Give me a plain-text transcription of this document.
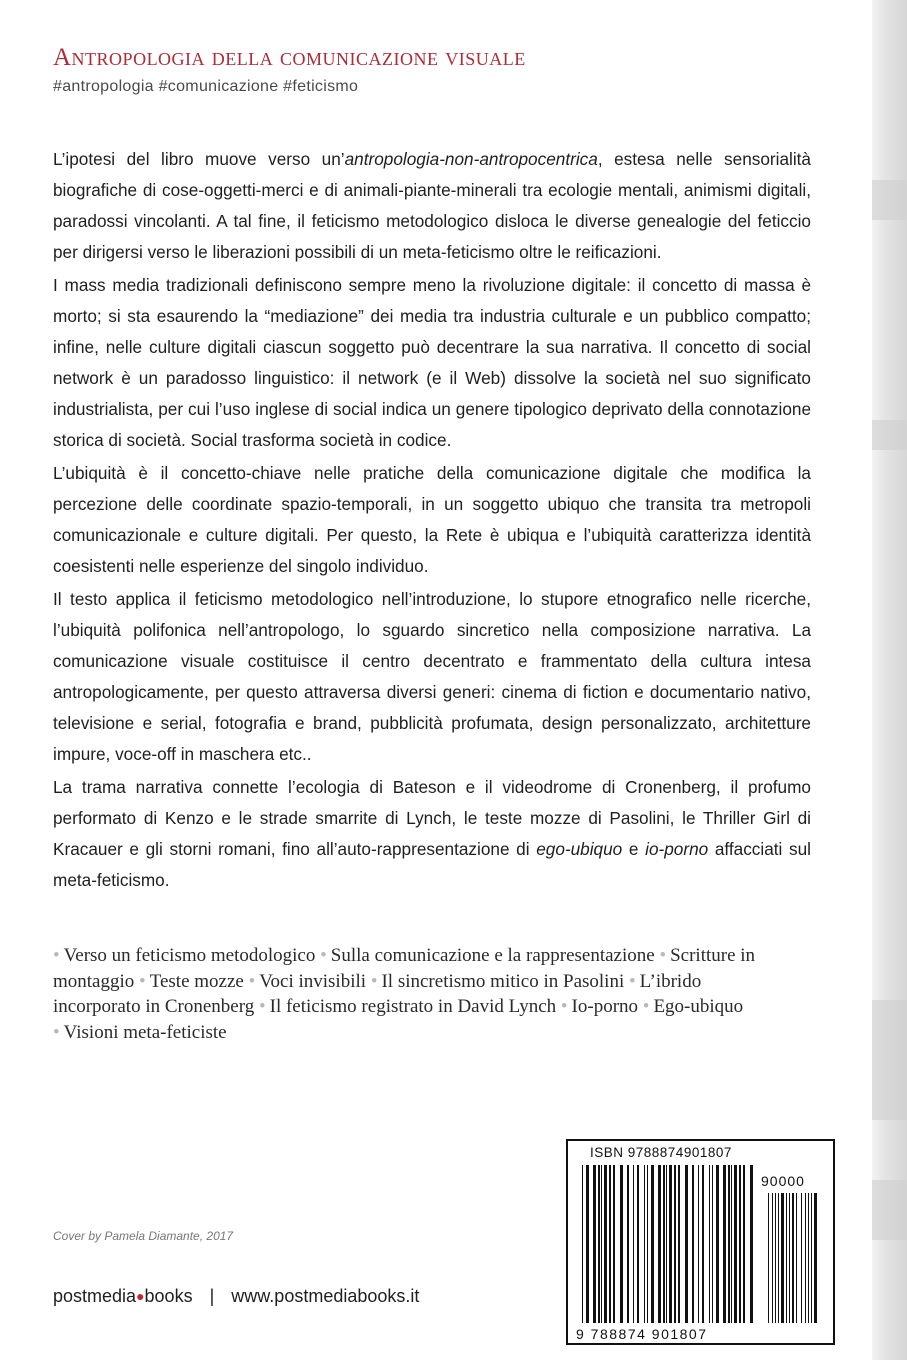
Antropologia della comunicazione visuale
#antropologia #comunicazione #feticismo

L’ipotesi del libro muove verso un’antropologia-non-antropocentrica, estesa nelle sensorialità biografiche di cose-oggetti-merci e di animali-piante-minerali tra ecologie mentali, animismi digitali, paradossi vincolanti. A tal fine, il feticismo metodologico disloca le diverse genealogie del feticcio per dirigersi verso le liberazioni possibili di un meta-feticismo oltre le reificazioni.

I mass media tradizionali definiscono sempre meno la rivoluzione digitale: il concetto di massa è morto; si sta esaurendo la “mediazione” dei media tra industria culturale e un pubblico compatto; infine, nelle culture digitali ciascun soggetto può decentrare la sua narrativa. Il concetto di social network è un paradosso linguistico: il network (e il Web) dissolve la società nel suo significato industrialista, per cui l’uso inglese di social indica un genere tipologico deprivato della connotazione storica di società. Social trasforma società in codice.

L’ubiquità è il concetto-chiave nelle pratiche della comunicazione digitale che modifica la percezione delle coordinate spazio-temporali, in un soggetto ubiquo che transita tra metropoli comunicazionale e culture digitali. Per questo, la Rete è ubiqua e l’ubiquità caratterizza identità coesistenti nelle esperienze del singolo individuo.

Il testo applica il feticismo metodologico nell’introduzione, lo stupore etnografico nelle ricerche, l’ubiquità polifonica nell’antropologo, lo sguardo sincretico nella composizione narrativa. La comunicazione visuale costituisce il centro decentrato e frammentato della cultura intesa antropologicamente, per questo attraversa diversi generi: cinema di fiction e documentario nativo, televisione e serial, fotografia e brand, pubblicità profumata, design personalizzato, architetture impure, voce-off in maschera etc..

La trama narrativa connette l’ecologia di Bateson e il videodrome di Cronenberg, il profumo performato di Kenzo e le strade smarrite di Lynch, le teste mozze di Pasolini, le Thriller Girl di Kracauer e gli storni romani, fino all’auto-rappresentazione di ego-ubiquo e io-porno affacciati sul meta-feticismo.

• Verso un feticismo metodologico • Sulla comunicazione e la rappresentazione • Scritture in montaggio • Teste mozze • Voci invisibili • Il sincretismo mitico in Pasolini • L’ibrido incorporato in Cronenberg • Il feticismo registrato in David Lynch • Io-porno • Ego-ubiquo • Visioni meta-feticiste
ISBN 9788874901807
90000
9 788874 901807
Cover by Pamela Diamante, 2017
postmedia●books | www.postmediabooks.it
